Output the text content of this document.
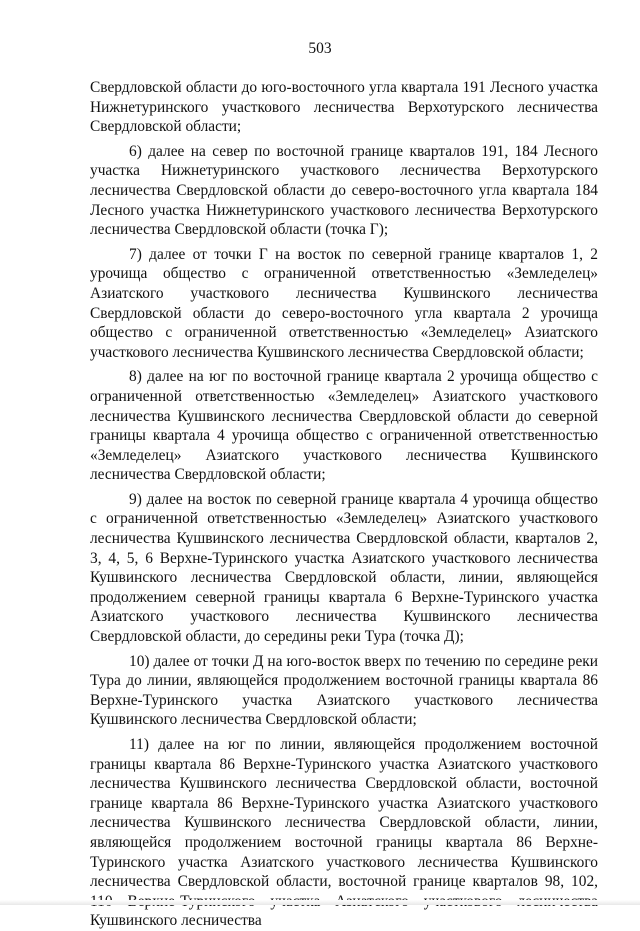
503

Свердловской области до юго-восточного угла квартала 191 Лесного участка Нижнетуринского участкового лесничества Верхотурского лесничества Свердловской области;

6) далее на север по восточной границе кварталов 191, 184 Лесного участка Нижнетуринского участкового лесничества Верхотурского лесничества Свердловской области до северо-восточного угла квартала 184 Лесного участка Нижнетуринского участкового лесничества Верхотурского лесничества Свердловской области (точка Г);

7) далее от точки Г на восток по северной границе кварталов 1, 2 урочища общество с ограниченной ответственностью «Земледелец» Азиатского участкового лесничества Кушвинского лесничества Свердловской области до северо-восточного угла квартала 2 урочища общество с ограниченной ответственностью «Земледелец» Азиатского участкового лесничества Кушвинского лесничества Свердловской области;

8) далее на юг по восточной границе квартала 2 урочища общество с ограниченной ответственностью «Земледелец» Азиатского участкового лесничества Кушвинского лесничества Свердловской области до северной границы квартала 4 урочища общество с ограниченной ответственностью «Земледелец» Азиатского участкового лесничества Кушвинского лесничества Свердловской области;

9) далее на восток по северной границе квартала 4 урочища общество с ограниченной ответственностью «Земледелец» Азиатского участкового лесничества Кушвинского лесничества Свердловской области, кварталов 2, 3, 4, 5, 6 Верхне-Туринского участка Азиатского участкового лесничества Кушвинского лесничества Свердловской области, линии, являющейся продолжением северной границы квартала 6 Верхне-Туринского участка Азиатского участкового лесничества Кушвинского лесничества Свердловской области, до середины реки Тура (точка Д);

10) далее от точки Д на юго-восток вверх по течению по середине реки Тура до линии, являющейся продолжением восточной границы квартала 86 Верхне-Туринского участка Азиатского участкового лесничества Кушвинского лесничества Свердловской области;

11) далее на юг по линии, являющейся продолжением восточной границы квартала 86 Верхне-Туринского участка Азиатского участкового лесничества Кушвинского лесничества Свердловской области, восточной границе квартала 86 Верхне-Туринского участка Азиатского участкового лесничества Кушвинского лесничества Свердловской области, линии, являющейся продолжением восточной границы квартала 86 Верхне-Туринского участка Азиатского участкового лесничества Кушвинского лесничества Свердловской области, восточной границе кварталов 98, 102, Кушвинского лесничества
